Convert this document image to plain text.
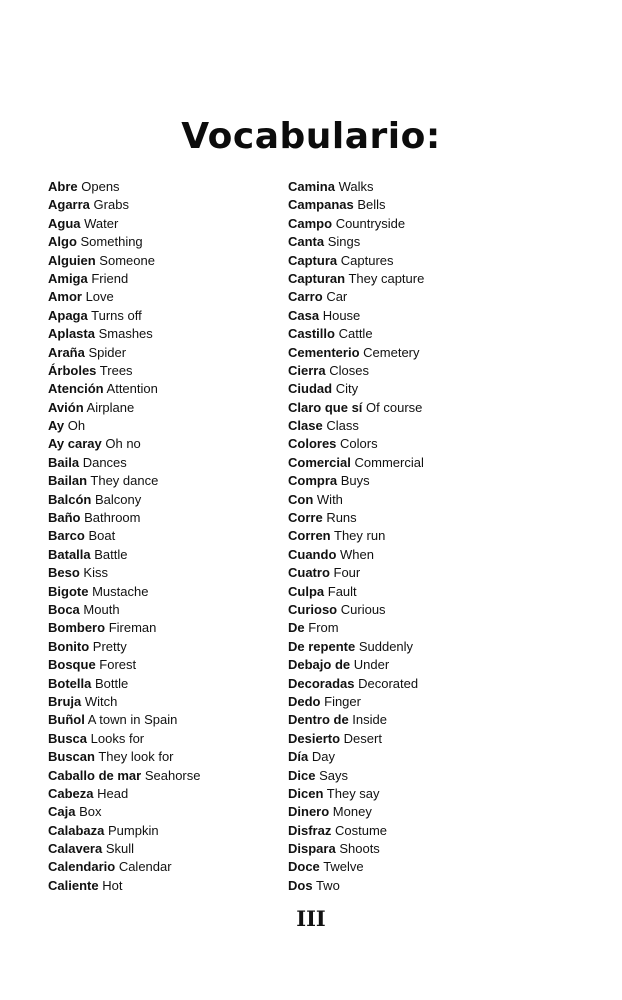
Vocabulario:
Abre Opens
Agarra Grabs
Agua Water
Algo Something
Alguien Someone
Amiga Friend
Amor Love
Apaga Turns off
Aplasta Smashes
Araña Spider
Árboles Trees
Atención Attention
Avión Airplane
Ay Oh
Ay caray Oh no
Baila Dances
Bailan They dance
Balcón Balcony
Baño Bathroom
Barco Boat
Batalla Battle
Beso Kiss
Bigote Mustache
Boca Mouth
Bombero Fireman
Bonito Pretty
Bosque Forest
Botella Bottle
Bruja Witch
Buñol A town in Spain
Busca Looks for
Buscan They look for
Caballo de mar Seahorse
Cabeza Head
Caja Box
Calabaza Pumpkin
Calavera Skull
Calendario Calendar
Caliente Hot
Camina Walks
Campanas Bells
Campo Countryside
Canta Sings
Captura Captures
Capturan They capture
Carro Car
Casa House
Castillo Cattle
Cementerio Cemetery
Cierra Closes
Ciudad City
Claro que sí Of course
Clase Class
Colores Colors
Comercial Commercial
Compra Buys
Con With
Corre Runs
Corren They run
Cuando When
Cuatro Four
Culpa Fault
Curioso Curious
De From
De repente Suddenly
Debajo de Under
Decoradas Decorated
Dedo Finger
Dentro de Inside
Desierto Desert
Día Day
Dice Says
Dicen They say
Dinero Money
Disfraz Costume
Dispara Shoots
Doce Twelve
Dos Two
III
